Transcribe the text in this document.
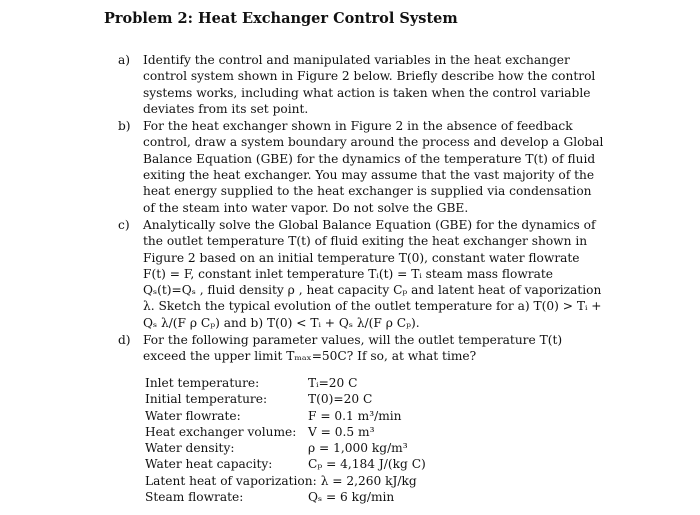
Problem 2: Heat Exchanger Control System
a)	Identify the control and manipulated variables in the heat exchanger control system shown in Figure 2 below. Briefly describe how the control systems works, including what action is taken when the control variable deviates from its set point.
b)	For the heat exchanger shown in Figure 2 in the absence of feedback control, draw a system boundary around the process and develop a Global Balance Equation (GBE) for the dynamics of the temperature T(t) of fluid exiting the heat exchanger. You may assume that the vast majority of the heat energy supplied to the heat exchanger is supplied via condensation of the steam into water vapor. Do not solve the GBE.
c)	Analytically solve the Global Balance Equation (GBE) for the dynamics of the outlet temperature T(t) of fluid exiting the heat exchanger shown in Figure 2 based on an initial temperature T(0), constant water flowrate F(t) = F, constant inlet temperature Tᵢ(t) = Tᵢ steam mass flowrate Qₛ(t)=Qₛ , fluid density ρ , heat capacity Cₚ and latent heat of vaporization λ. Sketch the typical evolution of the outlet temperature for a) T(0) > Tᵢ + Qₛ λ/(F ρ Cₚ) and b) T(0) < Tᵢ + Qₛ λ/(F ρ Cₚ).
d)	For the following parameter values, will the outlet temperature T(t) exceed the upper limit Tₘₐₓ=50C? If so, at what time?
Inlet temperature:	Tᵢ=20 C
Initial temperature:	T(0)=20 C
Water flowrate:	F = 0.1 m³/min
Heat exchanger volume: V = 0.5 m³
Water density:	ρ = 1,000 kg/m³
Water heat capacity:	Cₚ = 4,184 J/(kg C)
Latent heat of vaporization: λ = 2,260 kJ/kg
Steam flowrate:	Qₛ = 6 kg/min
